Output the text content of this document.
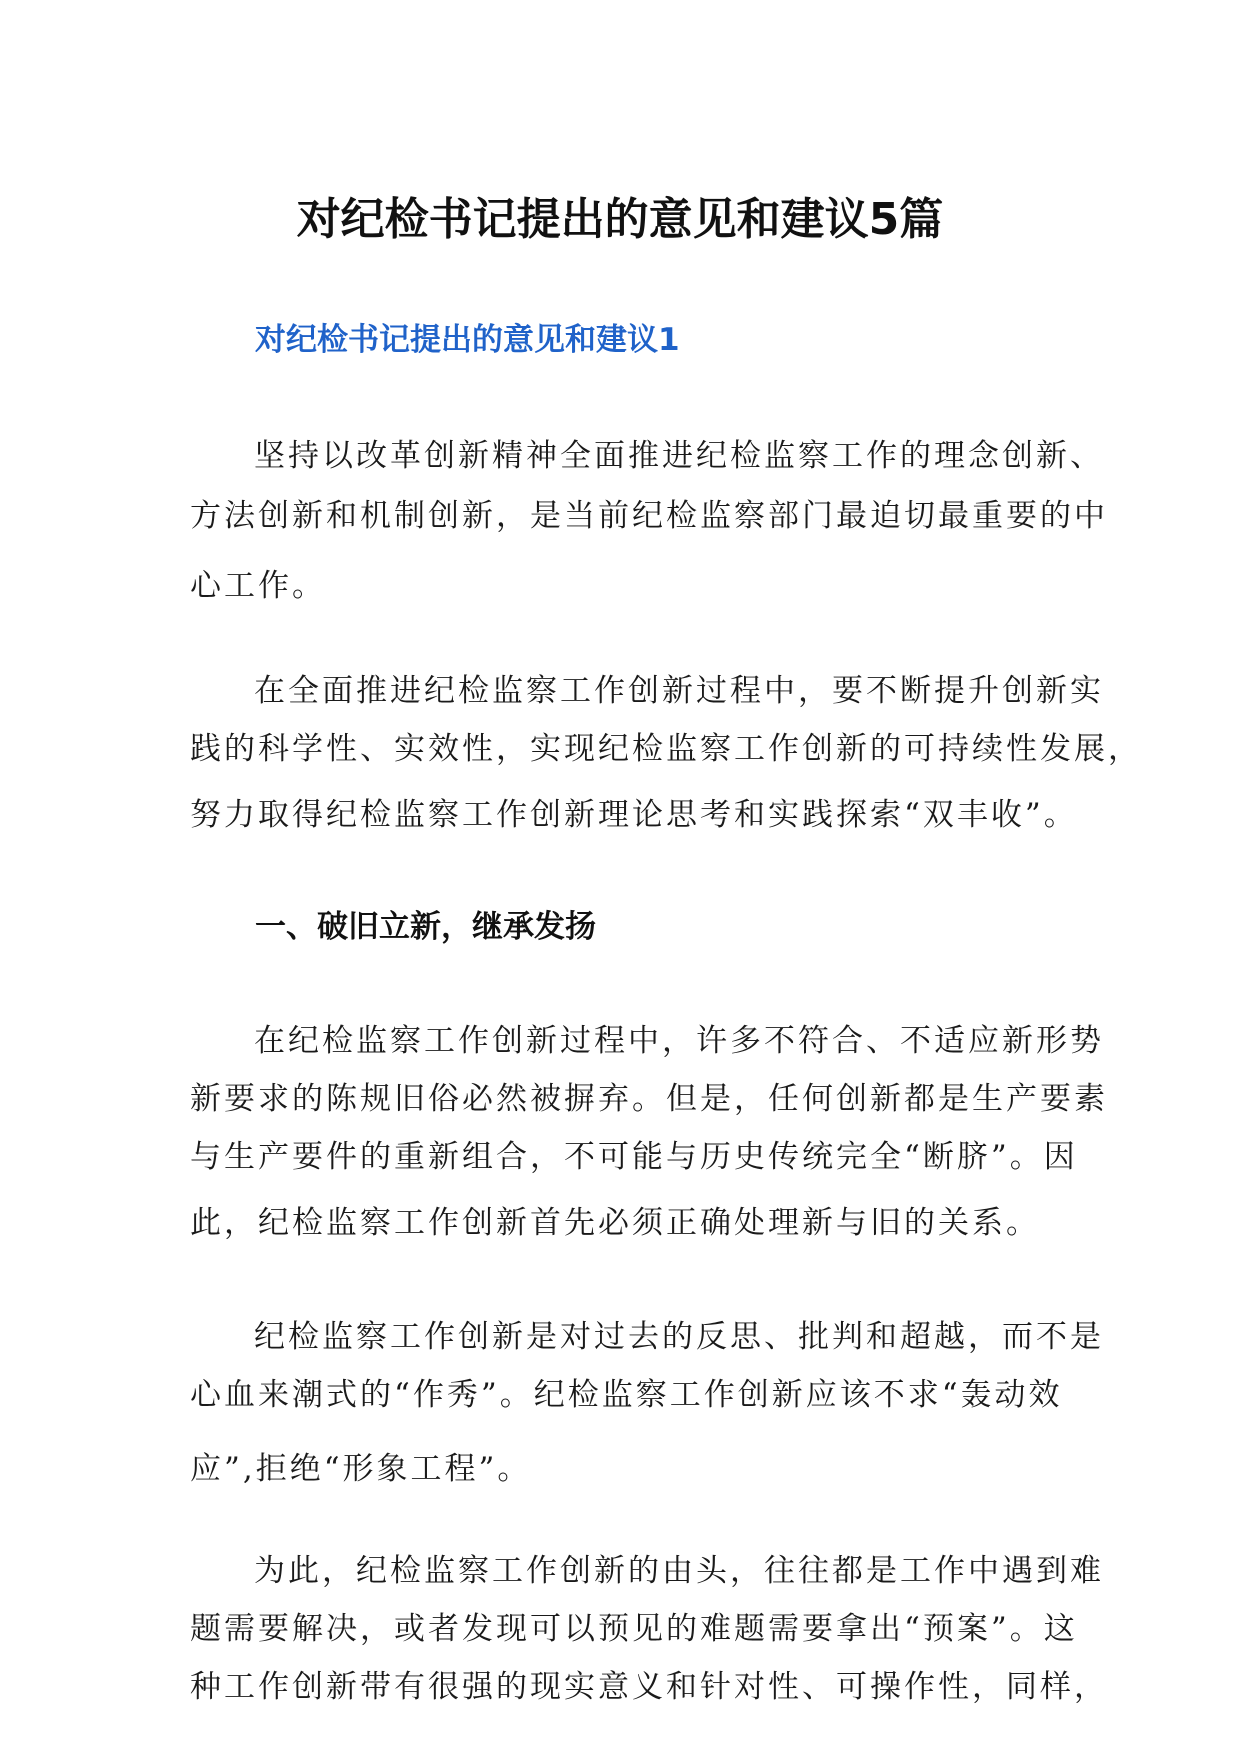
对纪检书记提出的意见和建议5篇
对纪检书记提出的意见和建议1

坚持以改革创新精神全面推进纪检监察工作的理念创新、
方法创新和机制创新，是当前纪检监察部门最迫切最重要的中
心工作。

在全面推进纪检监察工作创新过程中，要不断提升创新实
践的科学性、实效性，实现纪检监察工作创新的可持续性发展，
努力取得纪检监察工作创新理论思考和实践探索“双丰收”。

一、破旧立新，继承发扬

在纪检监察工作创新过程中，许多不符合、不适应新形势
新要求的陈规旧俗必然被摒弃。但是，任何创新都是生产要素
与生产要件的重新组合，不可能与历史传统完全“断脐”。因
此，纪检监察工作创新首先必须正确处理新与旧的关系。

纪检监察工作创新是对过去的反思、批判和超越，而不是
心血来潮式的“作秀”。纪检监察工作创新应该不求“轰动效
应”,拒绝“形象工程”。

为此，纪检监察工作创新的由头，往往都是工作中遇到难
题需要解决，或者发现可以预见的难题需要拿出“预案”。这
种工作创新带有很强的现实意义和针对性、可操作性，同样，
